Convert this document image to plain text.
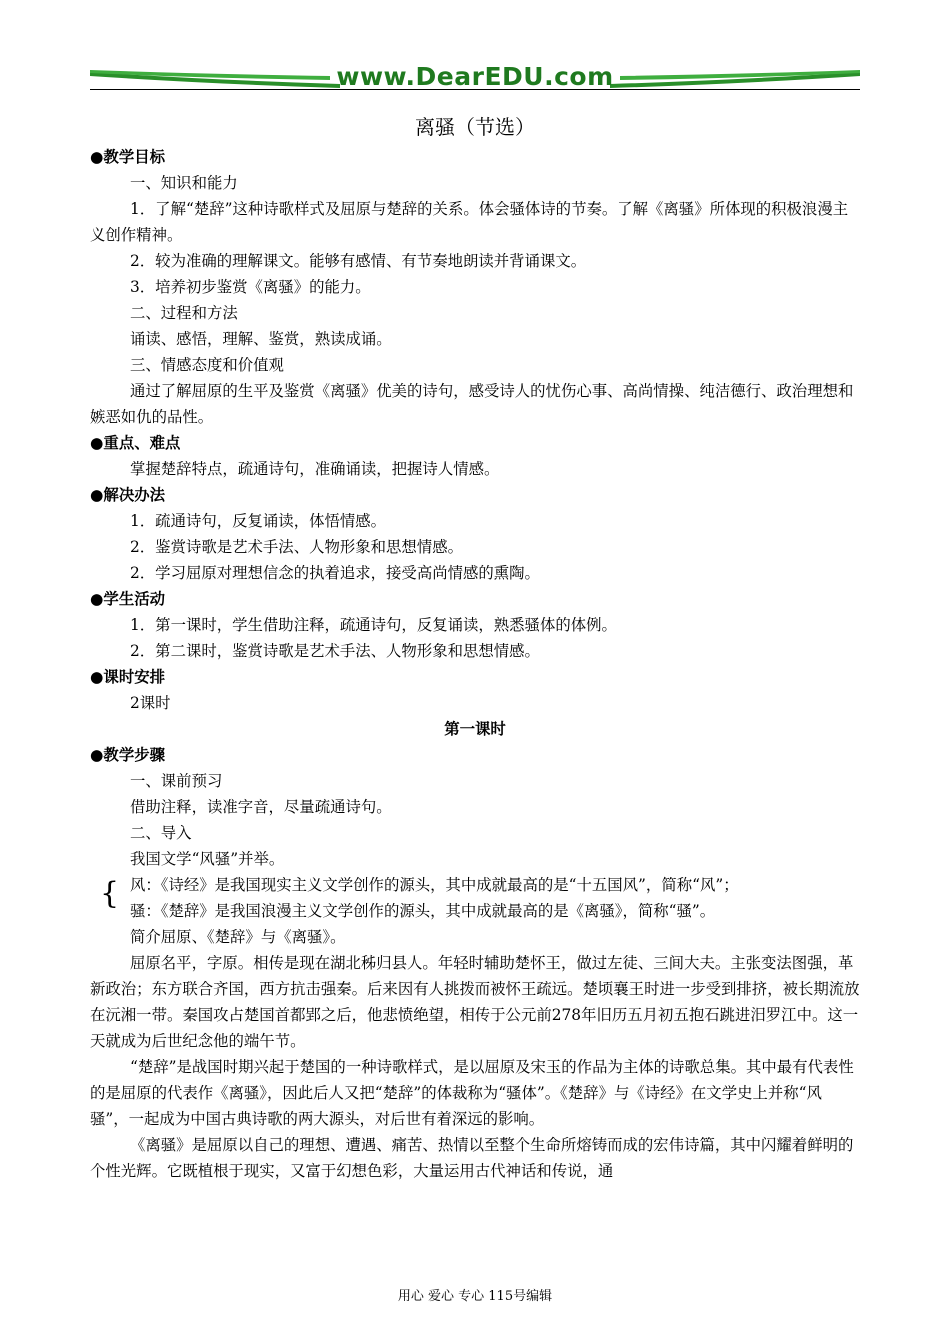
www.DearEDU.com
离骚（节选）
●教学目标

一、知识和能力

1．了解“楚辞”这种诗歌样式及屈原与楚辞的关系。体会骚体诗的节奏。了解《离骚》所体现的积极浪漫主义创作精神。

2．较为准确的理解课文。能够有感情、有节奏地朗读并背诵课文。

3．培养初步鉴赏《离骚》的能力。

二、过程和方法

诵读、感悟，理解、鉴赏，熟读成诵。

三、情感态度和价值观

通过了解屈原的生平及鉴赏《离骚》优美的诗句，感受诗人的忧伤心事、高尚情操、纯洁德行、政治理想和嫉恶如仇的品性。

●重点、难点

掌握楚辞特点，疏通诗句，准确诵读，把握诗人情感。

●解决办法

1．疏通诗句，反复诵读，体悟情感。

2．鉴赏诗歌是艺术手法、人物形象和思想情感。

2．学习屈原对理想信念的执着追求，接受高尚情感的熏陶。

●学生活动

1．第一课时，学生借助注释，疏通诗句，反复诵读，熟悉骚体的体例。

2．第二课时，鉴赏诗歌是艺术手法、人物形象和思想情感。

●课时安排

2课时

第一课时
●教学步骤

一、课前预习

借助注释，读准字音，尽量疏通诗句。

二、导入

我国文学“风骚”并举。

{ 风：《诗经》是我国现实主义文学创作的源头，其中成就最高的是“十五国风”，简称“风”；

骚：《楚辞》是我国浪漫主义文学创作的源头，其中成就最高的是《离骚》，简称“骚”。

简介屈原、《楚辞》与《离骚》。

屈原名平，字原。相传是现在湖北秭归县人。年轻时辅助楚怀王，做过左徒、三间大夫。主张变法图强，革新政治；东方联合齐国，西方抗击强秦。后来因有人挑拨而被怀王疏远。楚顷襄王时进一步受到排挤，被长期流放在沅湘一带。秦国攻占楚国首都郢之后，他悲愤绝望，相传于公元前278年旧历五月初五抱石跳进汨罗江中。这一天就成为后世纪念他的端午节。

“楚辞”是战国时期兴起于楚国的一种诗歌样式，是以屈原及宋玉的作品为主体的诗歌总集。其中最有代表性的是屈原的代表作《离骚》，因此后人又把“楚辞”的体裁称为“骚体”。《楚辞》与《诗经》在文学史上并称“风骚”，一起成为中国古典诗歌的两大源头，对后世有着深远的影响。

《离骚》是屈原以自己的理想、遭遇、痛苦、热情以至整个生命所熔铸而成的宏伟诗篇，其中闪耀着鲜明的个性光辉。它既植根于现实，又富于幻想色彩，大量运用古代神话和传说，通

用心 爱心 专心 115号编辑
